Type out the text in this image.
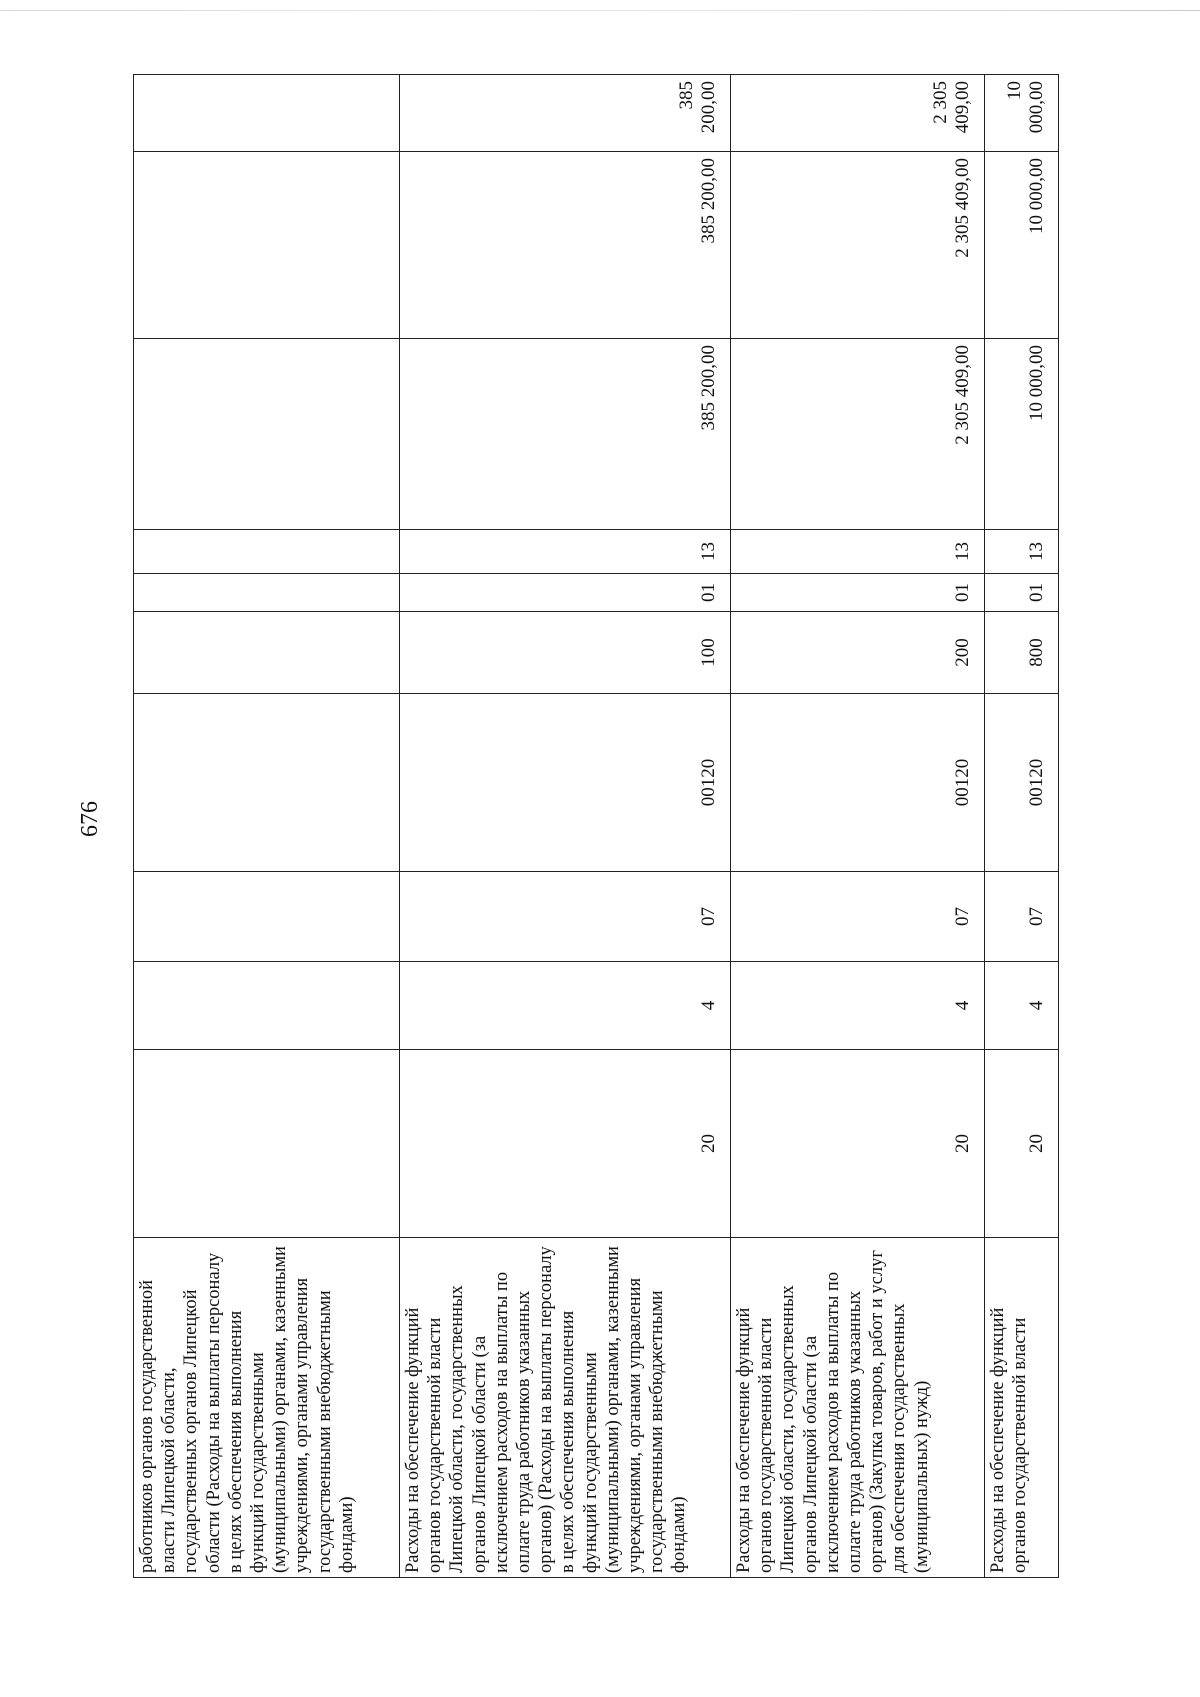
676
работников органов государственной власти Липецкой области, государственных органов Липецкой области (Расходы на выплаты персоналу в целях обеспечения выполнения функций государственными (муниципальными) органами, казенными учреждениями, органами управления государственными внебюджетными фондами)										
Расходы на обеспечение функций органов государственной власти Липецкой области, государственных органов Липецкой области (за исключением расходов на выплаты по оплате труда работников указанных органов) (Расходы на выплаты персоналу в целях обеспечения выполнения функций государственными (муниципальными) органами, казенными учреждениями, органами управления государственными внебюджетными фондами)	20	4	07	00120	100	01	13	385 200,00	385 200,00	385 200,00
Расходы на обеспечение функций органов государственной власти Липецкой области, государственных органов Липецкой области (за исключением расходов на выплаты по оплате труда работников указанных органов) (Закупка товаров, работ и услуг для обеспечения государственных (муниципальных) нужд)	20	4	07	00120	200	01	13	2 305 409,00	2 305 409,00	2 305 409,00
Расходы на обеспечение функций органов государственной власти	20	4	07	00120	800	01	13	10 000,00	10 000,00	10 000,00
